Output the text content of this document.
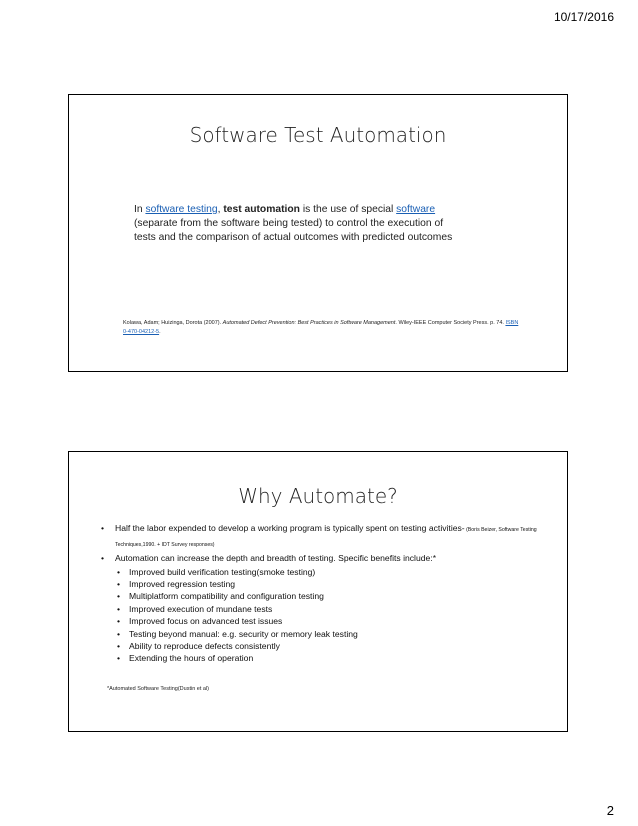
10/17/2016
Software Test Automation
In software testing, test automation is the use of special software (separate from the software being tested) to control the execution of tests and the comparison of actual outcomes with predicted outcomes
Kolawa, Adam; Huizinga, Dorota (2007). Automated Defect Prevention: Best Practices in Software Management. Wiley-IEEE Computer Society Press. p. 74. ISBN 0-470-04212-5.
Why Automate?
• Half the labor expended to develop a working program is typically spent on testing activities- (Boris Beizer, Software Testing Techniques,1990. + IDT Survey responses)
• Automation can increase the depth and breadth of testing. Specific benefits include:*
• Improved build verification testing(smoke testing)
• Improved regression testing
• Multiplatform compatibility and configuration testing
• Improved execution of mundane tests
• Improved focus on advanced test issues
• Testing beyond manual: e.g. security or memory leak testing
• Ability to reproduce defects consistently
• Extending the hours of operation
*Automated Software Testing(Dustin et al)
2
